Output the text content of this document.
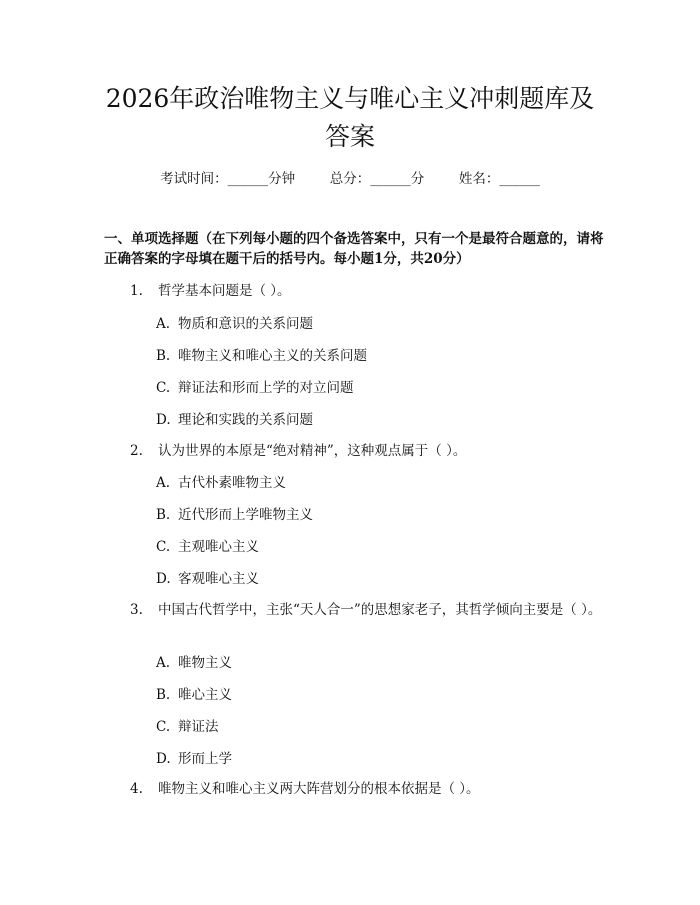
2026年政治唯物主义与唯心主义冲刺题库及
答案
考试时间：______分钟	总分：______分	姓名：______

一、单项选择题（在下列每小题的四个备选答案中，只有一个是最符合题意的，请将正确答案的字母填在题干后的括号内。每小题1分，共20分）

1. 哲学基本问题是（ ）。
A. 物质和意识的关系问题
B. 唯物主义和唯心主义的关系问题
C. 辩证法和形而上学的对立问题
D. 理论和实践的关系问题
2. 认为世界的本原是“绝对精神”，这种观点属于（ ）。
A. 古代朴素唯物主义
B. 近代形而上学唯物主义
C. 主观唯心主义
D. 客观唯心主义
3. 中国古代哲学中，主张“天人合一”的思想家老子，其哲学倾向主要是（ ）。
A. 唯物主义
B. 唯心主义
C. 辩证法
D. 形而上学
4. 唯物主义和唯心主义两大阵营划分的根本依据是（ ）。
